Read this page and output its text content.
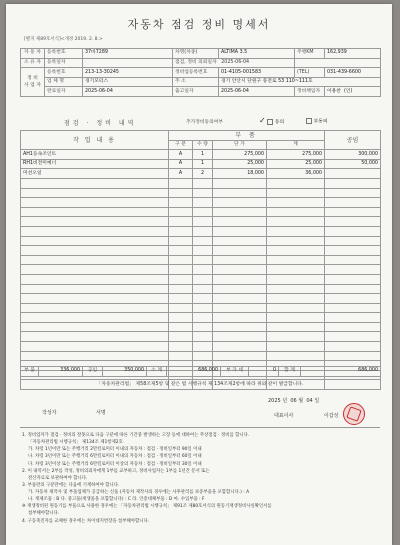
[별지 제89호서식]<개정 2019. 2. 8.>
자동차 점검 정비 명세서
자 동 차	등록번호	37바7289	차명(차종)	ALTIMA 3.5	주행KM	162,939
소 유 자	등록일자		점검, 정비 의뢰일자 2025-06-04			
정 비
사 업 자	등록번호	213-13-30245	정비업등록번호	01-4105-001583	(TEL)	031-439-6600
	업 체 명	경기모터스	주 소	경기 안산시 단원구 풍전로 53 110~111호		
	완료일자	2025-06-04	출고일자	2025-06-04	정비책임자	이용찬 (인)
점검 · 정비 내역	추가정비동의여부	✓ 동의	부동의
작 업 내 용	부 품				공임
	구 분	수 량	단 가	계	
AH1등속조인트	A	1	275,000	275,000	300,000
RH1비전미예너	A	1	25,000	25,000	50,000
미션오일	A	2	18,000	36,000	

부 품	336,000	공임	350,000	소 계	686,000	부 가 세	0	합 계	686,000
「자동차관리법」 제58조제5항 및 같은 법 시행규칙 제 134조제2항에 따라 위와 같이 발급합니다.
2025 년 06 월 04 일
작성자	서명	대표이사	이갑성
1. 정비업자가 점검 · 정비의 잘못으로 다음 구분에 따른 기간중 발생하는 고장 등에 대하여는 무상점검 · 정비를 합니다.
「자동차관리법 시행규칙」 제134조 제1항제2호
가. 차령 1년이만 또는 주행거리 2만킬로미터 이내의 자동차 : 점검 · 정비일부터 90일 이내
나. 차령 3년이만 또는 주행거리 6만킬로미터 이내의 자동차 : 점검 · 정비일부터 60일 이내
다. 차령 3년이상 또는 주행거리 6만킬로미터 이상의 자동차 : 점검 · 정비일부터 30일 이내
2. 이 내역서는 2부를 작성, 정비의뢰자에게 1부를 교부하고, 정비사업자는 1부를 1년간 문서 또는
전산자료로 보관하여야 합니다.
3. 부품란의 구분란에는 다음에 기재하여야 합니다.
가. 자동차 제작사 및 부품업체가 공급하는 신품 (자동차 제작사의 경우에는 사후관리를 보증부품을 포함합니다.) : A
나. 재제조품 : B 다. 중고품(재생품을 포함합니다) : C 라. 인증대체부품 : D 마. 수입부품 : F
※ 재생정비된 원동기를 부품으로 사용한 경우에는 「자동차관리법 시행규칙」 제91조 제80호서식의 원동기재생정비사실확인서를
첨부해야합니다.
4. 구동축진자를 교체한 경우에는 차이대지번장을 첨부해야합니다.
